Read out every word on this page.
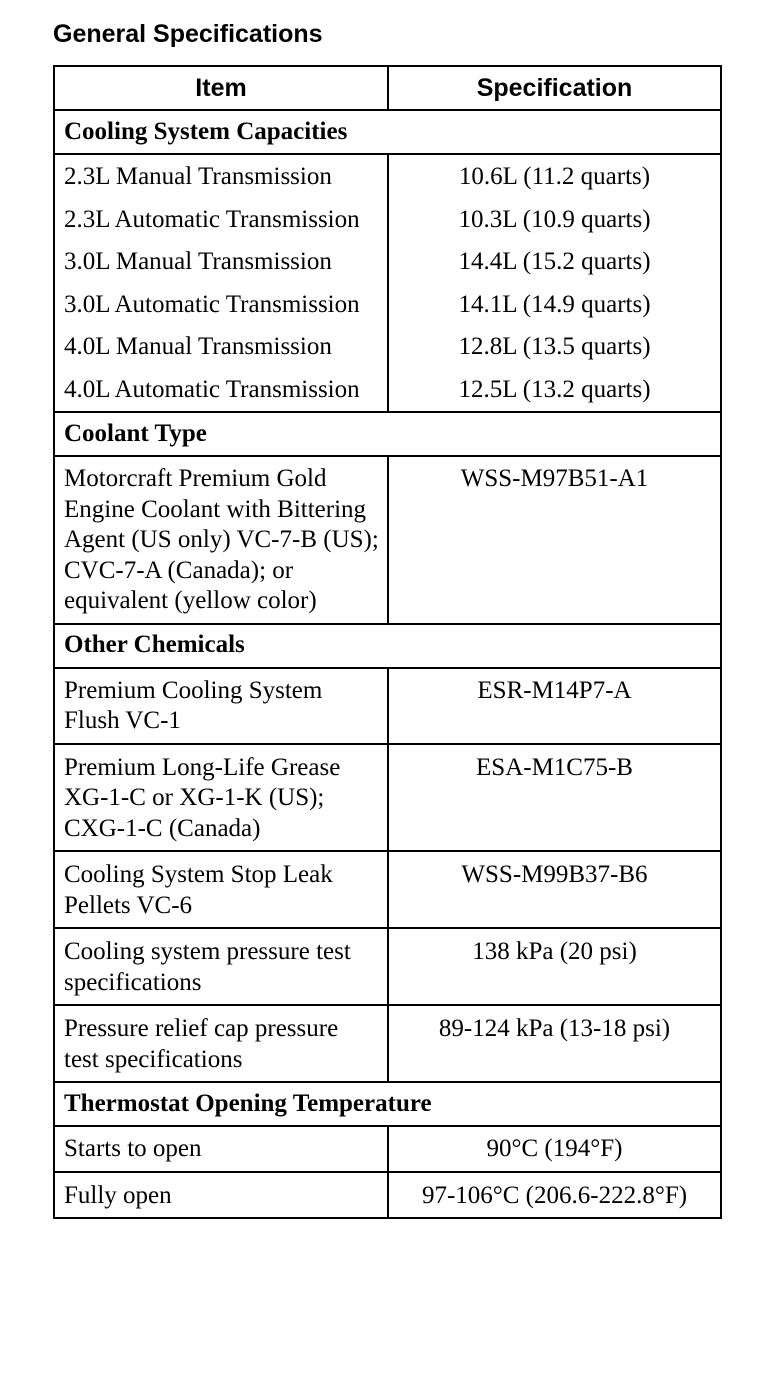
General Specifications
Item	Specification
Cooling System Capacities	
2.3L Manual Transmission	10.6L (11.2 quarts)
2.3L Automatic Transmission	10.3L (10.9 quarts)
3.0L Manual Transmission	14.4L (15.2 quarts)
3.0L Automatic Transmission	14.1L (14.9 quarts)
4.0L Manual Transmission	12.8L (13.5 quarts)
4.0L Automatic Transmission	12.5L (13.2 quarts)
Coolant Type	
Motorcraft Premium Gold Engine Coolant with Bittering Agent (US only) VC-7-B (US); CVC-7-A (Canada); or equivalent (yellow color)	WSS-M97B51-A1
Other Chemicals	
Premium Cooling System Flush VC-1	ESR-M14P7-A
Premium Long-Life Grease XG-1-C or XG-1-K (US); CXG-1-C (Canada)	ESA-M1C75-B
Cooling System Stop Leak Pellets VC-6	WSS-M99B37-B6
Cooling system pressure test specifications	138 kPa (20 psi)
Pressure relief cap pressure test specifications	89-124 kPa (13-18 psi)
Thermostat Opening Temperature	
Starts to open	90°C (194°F)
Fully open	97-106°C (206.6-222.8°F)
